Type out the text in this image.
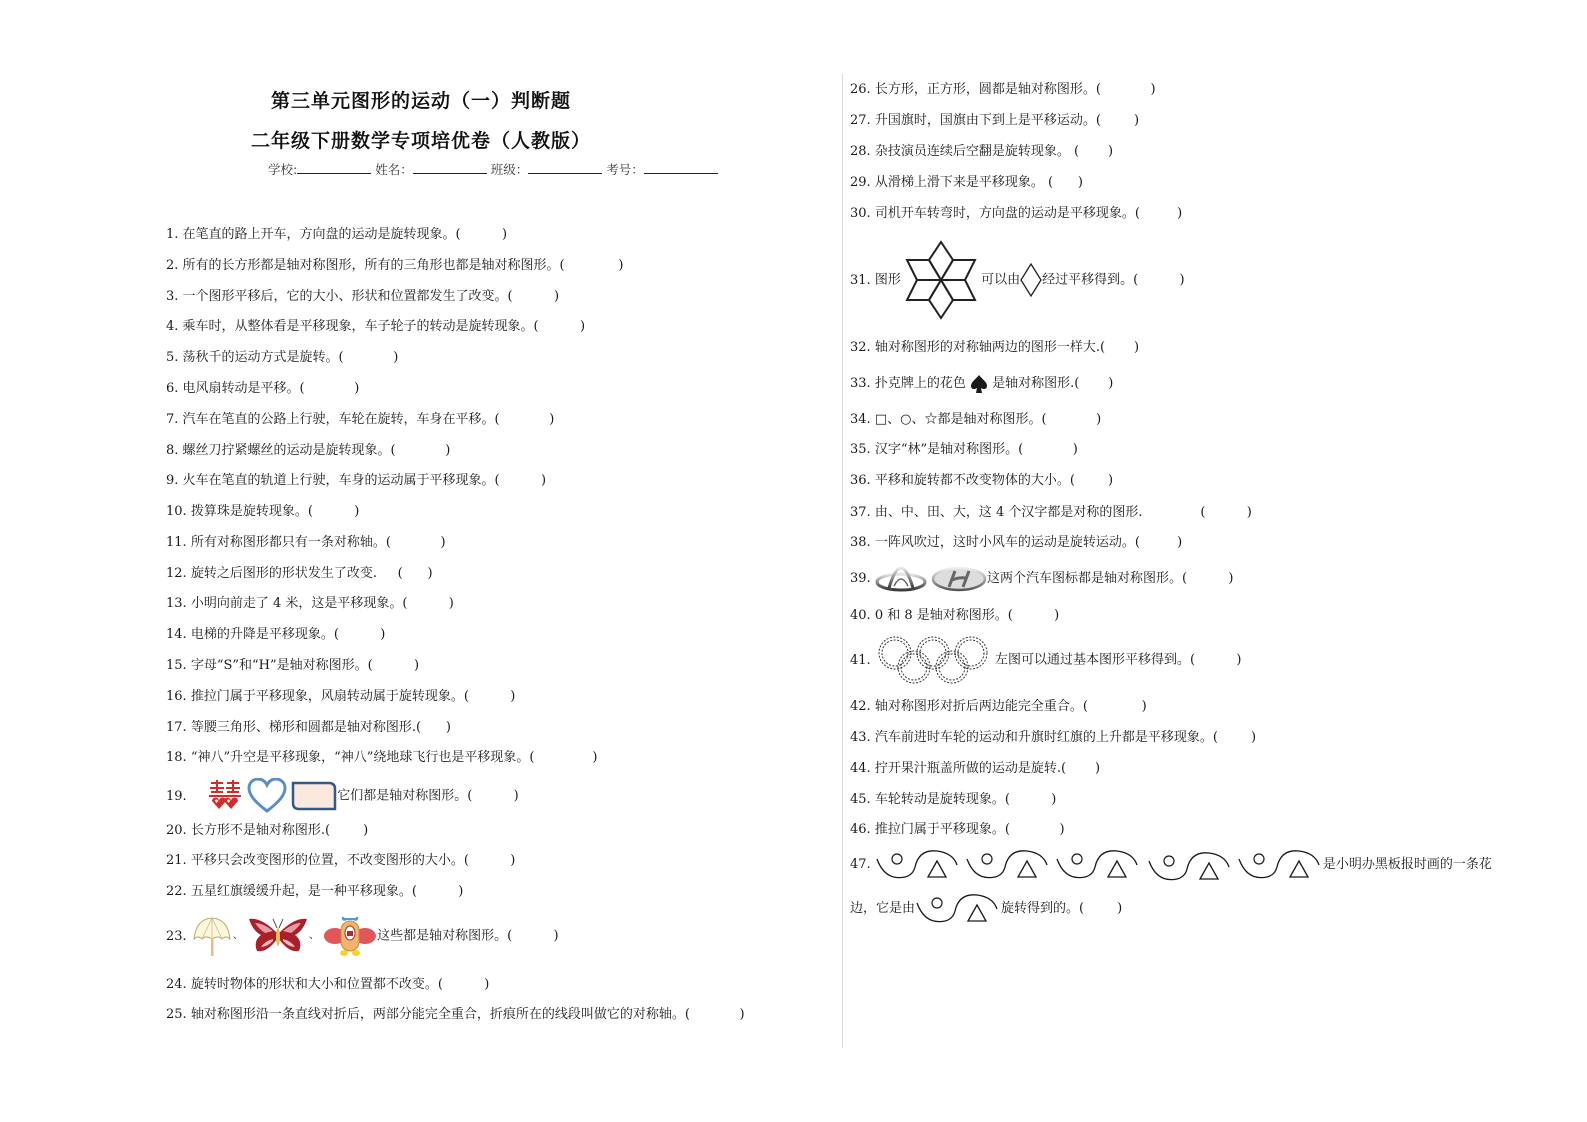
第三单元图形的运动（一）判断题
二年级下册数学专项培优卷（人教版）
学校:	姓名：	班级：	考号：
1. 在笔直的路上开车，方向盘的运动是旋转现象。(          )
2. 所有的长方形都是轴对称图形，所有的三角形也都是轴对称图形。(             )
3. 一个图形平移后，它的大小、形状和位置都发生了改变。(          )
4. 乘车时，从整体看是平移现象，车子轮子的转动是旋转现象。(          )
5. 荡秋千的运动方式是旋转。(            )
6. 电风扇转动是平移。(            )
7. 汽车在笔直的公路上行驶，车轮在旋转，车身在平移。(            )
8. 螺丝刀拧紧螺丝的运动是旋转现象。(            )
9. 火车在笔直的轨道上行驶，车身的运动属于平移现象。(          )
10. 拨算珠是旋转现象。(          )
11. 所有对称图形都只有一条对称轴。(            )
12. 旋转之后图形的形状发生了改变.     (      )
13. 小明向前走了 4 米，这是平移现象。(          )
14. 电梯的升降是平移现象。(          )
15. 字母“S”和“H”是轴对称图形。(          )
16. 推拉门属于平移现象，风扇转动属于旋转现象。(          )
17. 等腰三角形、梯形和圆都是轴对称图形.(      )
18. “神八”升空是平移现象，“神八”绕地球飞行也是平移现象。(              )
19.	它们都是轴对称图形。(          )
20. 长方形不是轴对称图形.(        )
21. 平移只会改变图形的位置，不改变图形的大小。(          )
22. 五星红旗缓缓升起，是一种平移现象。(          )
23.	、	、	这些都是轴对称图形。(          )
24. 旋转时物体的形状和大小和位置都不改变。(          )
25. 轴对称图形沿一条直线对折后，两部分能完全重合，折痕所在的线段叫做它的对称轴。(            )
26. 长方形，正方形，圆都是轴对称图形。(            )
27. 升国旗时，国旗由下到上是平移运动。(        )
28. 杂技演员连续后空翻是旋转现象。 (       )
29. 从滑梯上滑下来是平移现象。 (      )
30. 司机开车转弯时，方向盘的运动是平移现象。(         )
31. 图形	可以由 经过平移得到。(          )
32. 轴对称图形的对称轴两边的图形一样大.(       )
33. 扑克牌上的花色  是轴对称图形.(       )
34. □、○、☆都是轴对称图形。(            )
35. 汉字“林”是轴对称图形。(            )
36. 平移和旋转都不改变物体的大小。(        )
37. 由、中、田、大，这 4 个汉字都是对称的图形.              (          )
38. 一阵风吹过，这时小风车的运动是旋转运动。(         )
39.	这两个汽车图标都是轴对称图形。(          )
40. 0 和 8 是轴对称图形。(          )
41.	左图可以通过基本图形平移得到。(          )
42. 轴对称图形对折后两边能完全重合。(             )
43. 汽车前进时车轮的运动和升旗时红旗的上升都是平移现象。(        )
44. 拧开果汁瓶盖所做的运动是旋转.(       )
45. 车轮转动是旋转现象。(          )
46. 推拉门属于平移现象。(            )
47.	是小明办黑板报时画的一条花
边，它是由	旋转得到的。(        )
